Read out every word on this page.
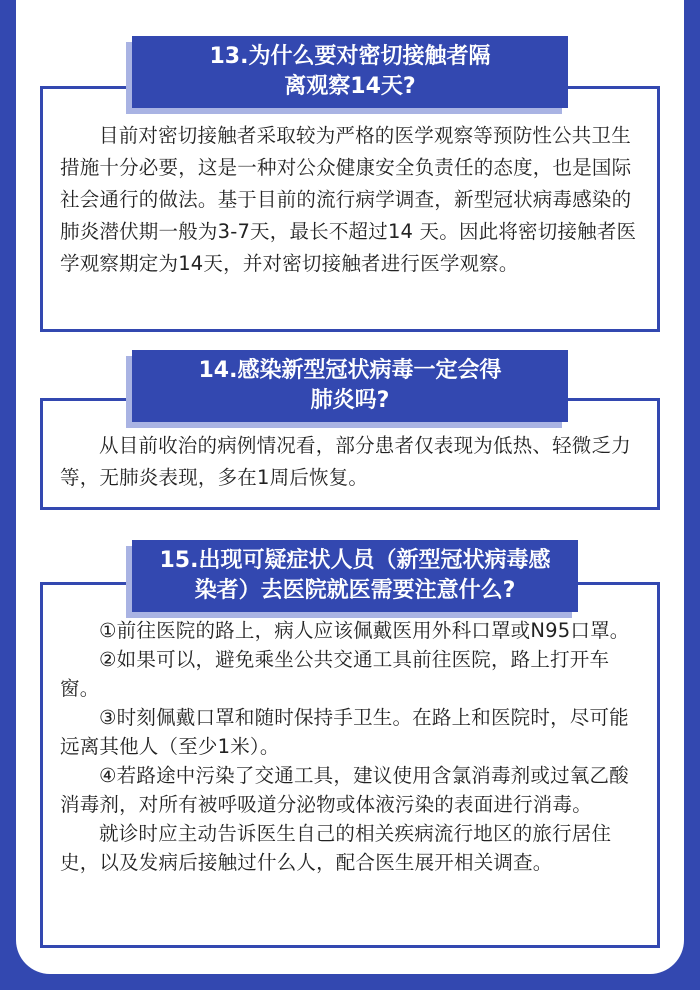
13.为什么要对密切接触者隔
离观察14天?

目前对密切接触者采取较为严格的医学观察等预防性公共卫生措施十分必要，这是一种对公众健康安全负责任的态度，也是国际社会通行的做法。基于目前的流行病学调查，新型冠状病毒感染的肺炎潜伏期一般为3-7天，最长不超过14 天。因此将密切接触者医学观察期定为14天，并对密切接触者进行医学观察。

14.感染新型冠状病毒一定会得
肺炎吗?

从目前收治的病例情况看，部分患者仅表现为低热、轻微乏力等，无肺炎表现，多在1周后恢复。

15.出现可疑症状人员（新型冠状病毒感
染者）去医院就医需要注意什么?

①前往医院的路上，病人应该佩戴医用外科口罩或N95口罩。

②如果可以，避免乘坐公共交通工具前往医院，路上打开车窗。

③时刻佩戴口罩和随时保持手卫生。在路上和医院时，尽可能远离其他人（至少1米）。

④若路途中污染了交通工具，建议使用含氯消毒剂或过氧乙酸消毒剂，对所有被呼吸道分泌物或体液污染的表面进行消毒。

就诊时应主动告诉医生自己的相关疾病流行地区的旅行居住史，以及发病后接触过什么人，配合医生展开相关调查。
